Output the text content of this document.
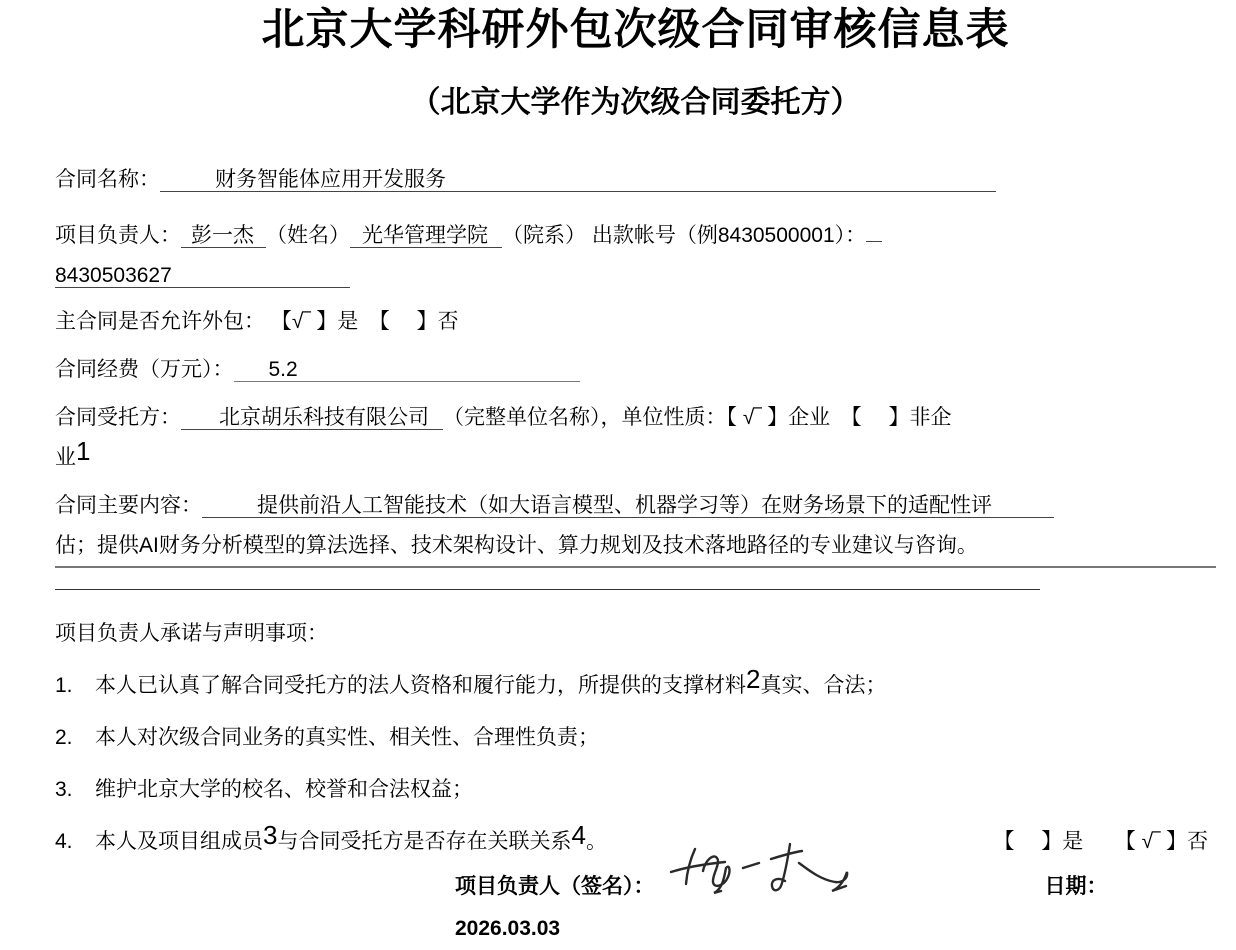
北京大学科研外包次级合同审核信息表
（北京大学作为次级合同委托方）
合同名称：	财务智能体应用开发服务
项目负责人： 彭一杰 （姓名） 光华管理学院 （院系） 出款帐号（例8430500001）：
8430503627
主合同是否允许外包： 【√‾ 】是　【　 】否
合同经费（万元）： 5.2
合同受托方： 北京胡乐科技有限公司 （完整单位名称），单位性质：【 √‾ 】企业　【　 】非企
业$^1$
合同主要内容：	提供前沿人工智能技术（如大语言模型、机器学习等）在财务场景下的适配性评
估；提供AI财务分析模型的算法选择、技术架构设计、算力规划及技术落地路径的专业建议与咨询。
项目负责人承诺与声明事项：
1.	本人已认真了解合同受托方的法人资格和履行能力，所提供的支撑材料$^2$真实、合法；
2.	本人对次级合同业务的真实性、相关性、合理性负责；
3.	维护北京大学的校名、校誉和合法权益；
4.	本人及项目组成员$^3$与合同受托方是否存在关联关系$^4$。	【　 】是　　【 √‾ 】否
项目负责人（签名）：	日期：
2026.03.03
